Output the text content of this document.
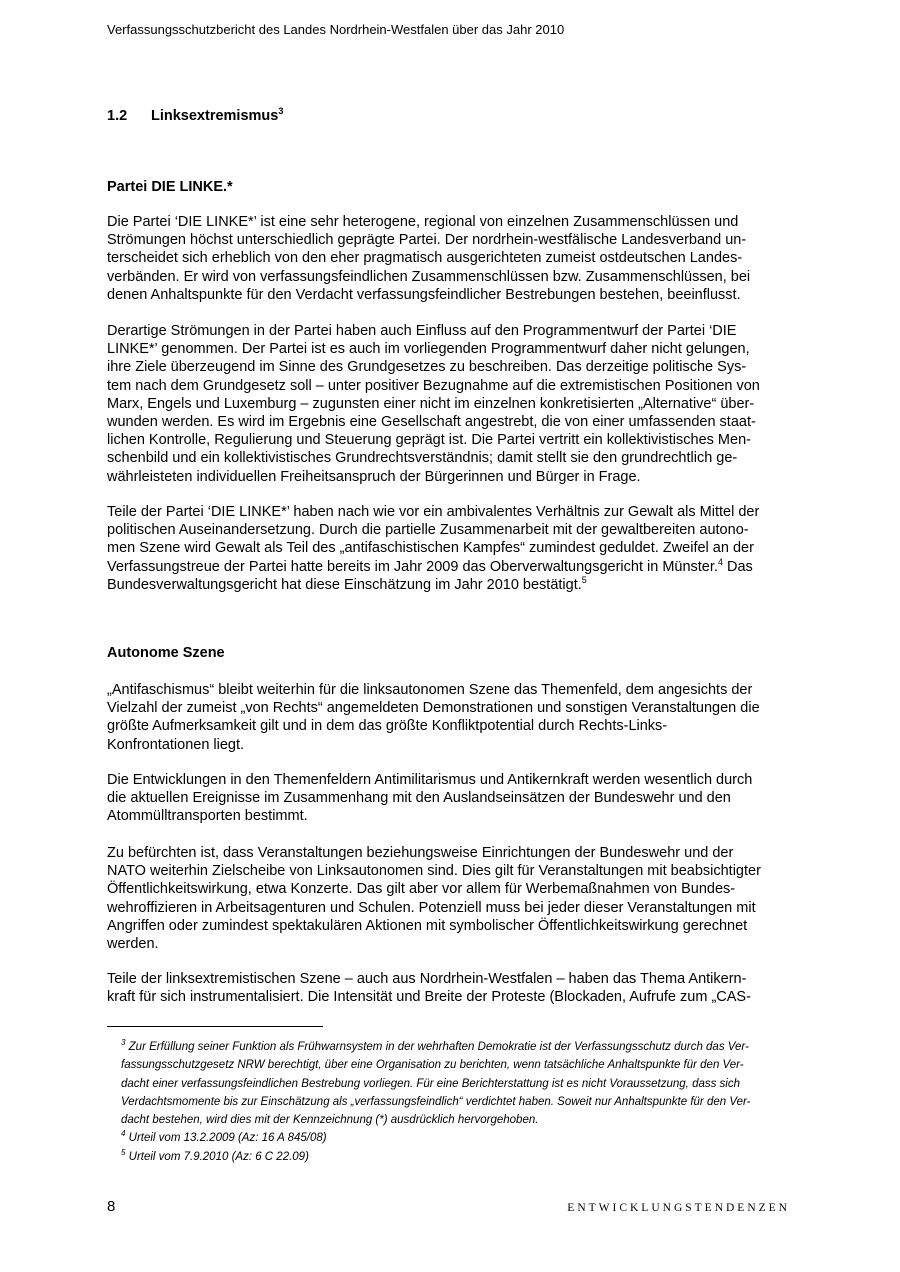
Verfassungsschutzbericht des Landes Nordrhein-Westfalen über das Jahr 2010
1.2 Linksextremismus$^3$
Partei DIE LINKE.*
Die Partei ‘DIE LINKE*’ ist eine sehr heterogene, regional von einzelnen Zusammenschlüssen und
Strömungen höchst unterschiedlich geprägte Partei. Der nordrhein-westfälische Landesverband un-
terscheidet sich erheblich von den eher pragmatisch ausgerichteten zumeist ostdeutschen Landes-
verbänden. Er wird von verfassungsfeindlichen Zusammenschlüssen bzw. Zusammenschlüssen, bei
denen Anhaltspunkte für den Verdacht verfassungsfeindlicher Bestrebungen bestehen, beeinflusst.
Derartige Strömungen in der Partei haben auch Einfluss auf den Programmentwurf der Partei ‘DIE
LINKE*’ genommen. Der Partei ist es auch im vorliegenden Programmentwurf daher nicht gelungen,
ihre Ziele überzeugend im Sinne des Grundgesetzes zu beschreiben. Das derzeitige politische Sys-
tem nach dem Grundgesetz soll – unter positiver Bezugnahme auf die extremistischen Positionen von
Marx, Engels und Luxemburg – zugunsten einer nicht im einzelnen konkretisierten „Alternative“ über-
wunden werden. Es wird im Ergebnis eine Gesellschaft angestrebt, die von einer umfassenden staat-
lichen Kontrolle, Regulierung und Steuerung geprägt ist. Die Partei vertritt ein kollektivistisches Men-
schenbild und ein kollektivistisches Grundrechtsverständnis; damit stellt sie den grundrechtlich ge-
währleisteten individuellen Freiheitsanspruch der Bürgerinnen und Bürger in Frage.
Teile der Partei ‘DIE LINKE*’ haben nach wie vor ein ambivalentes Verhältnis zur Gewalt als Mittel der
politischen Auseinandersetzung. Durch die partielle Zusammenarbeit mit der gewaltbereiten autono-
men Szene wird Gewalt als Teil des „antifaschistischen Kampfes“ zumindest geduldet. Zweifel an der
Verfassungstreue der Partei hatte bereits im Jahr 2009 das Oberverwaltungsgericht in Münster.$^4$ Das
Bundesverwaltungsgericht hat diese Einschätzung im Jahr 2010 bestätigt.$^5$
Autonome Szene
„Antifaschismus“ bleibt weiterhin für die linksautonomen Szene das Themenfeld, dem angesichts der
Vielzahl der zumeist „von Rechts“ angemeldeten Demonstrationen und sonstigen Veranstaltungen die
größte Aufmerksamkeit gilt und in dem das größte Konfliktpotential durch Rechts-Links-
Konfrontationen liegt.
Die Entwicklungen in den Themenfeldern Antimilitarismus und Antikernkraft werden wesentlich durch
die aktuellen Ereignisse im Zusammenhang mit den Auslandseinsätzen der Bundeswehr und den
Atommülltransporten bestimmt.
Zu befürchten ist, dass Veranstaltungen beziehungsweise Einrichtungen der Bundeswehr und der
NATO weiterhin Zielscheibe von Linksautonomen sind. Dies gilt für Veranstaltungen mit beabsichtigter
Öffentlichkeitswirkung, etwa Konzerte. Das gilt aber vor allem für Werbemaßnahmen von Bundes-
wehroffizieren in Arbeitsagenturen und Schulen. Potenziell muss bei jeder dieser Veranstaltungen mit
Angriffen oder zumindest spektakulären Aktionen mit symbolischer Öffentlichkeitswirkung gerechnet
werden.
Teile der linksextremistischen Szene – auch aus Nordrhein-Westfalen – haben das Thema Antikern-
kraft für sich instrumentalisiert. Die Intensität und Breite der Proteste (Blockaden, Aufrufe zum „CAS-
$^3$ Zur Erfüllung seiner Funktion als Frühwarnsystem in der wehrhaften Demokratie ist der Verfassungsschutz durch das Ver-
fassungsschutzgesetz NRW berechtigt, über eine Organisation zu berichten, wenn tatsächliche Anhaltspunkte für den Ver-
dacht einer verfassungsfeindlichen Bestrebung vorliegen. Für eine Berichterstattung ist es nicht Voraussetzung, dass sich
Verdachtsmomente bis zur Einschätzung als „verfassungsfeindlich“ verdichtet haben. Soweit nur Anhaltspunkte für den Ver-
dacht bestehen, wird dies mit der Kennzeichnung (*) ausdrücklich hervorgehoben.
$^4$ Urteil vom 13.2.2009 (Az: 16 A 845/08)
$^5$ Urteil vom 7.9.2010 (Az: 6 C 22.09)
8	ENTWICKLUNGSTENDENZEN
